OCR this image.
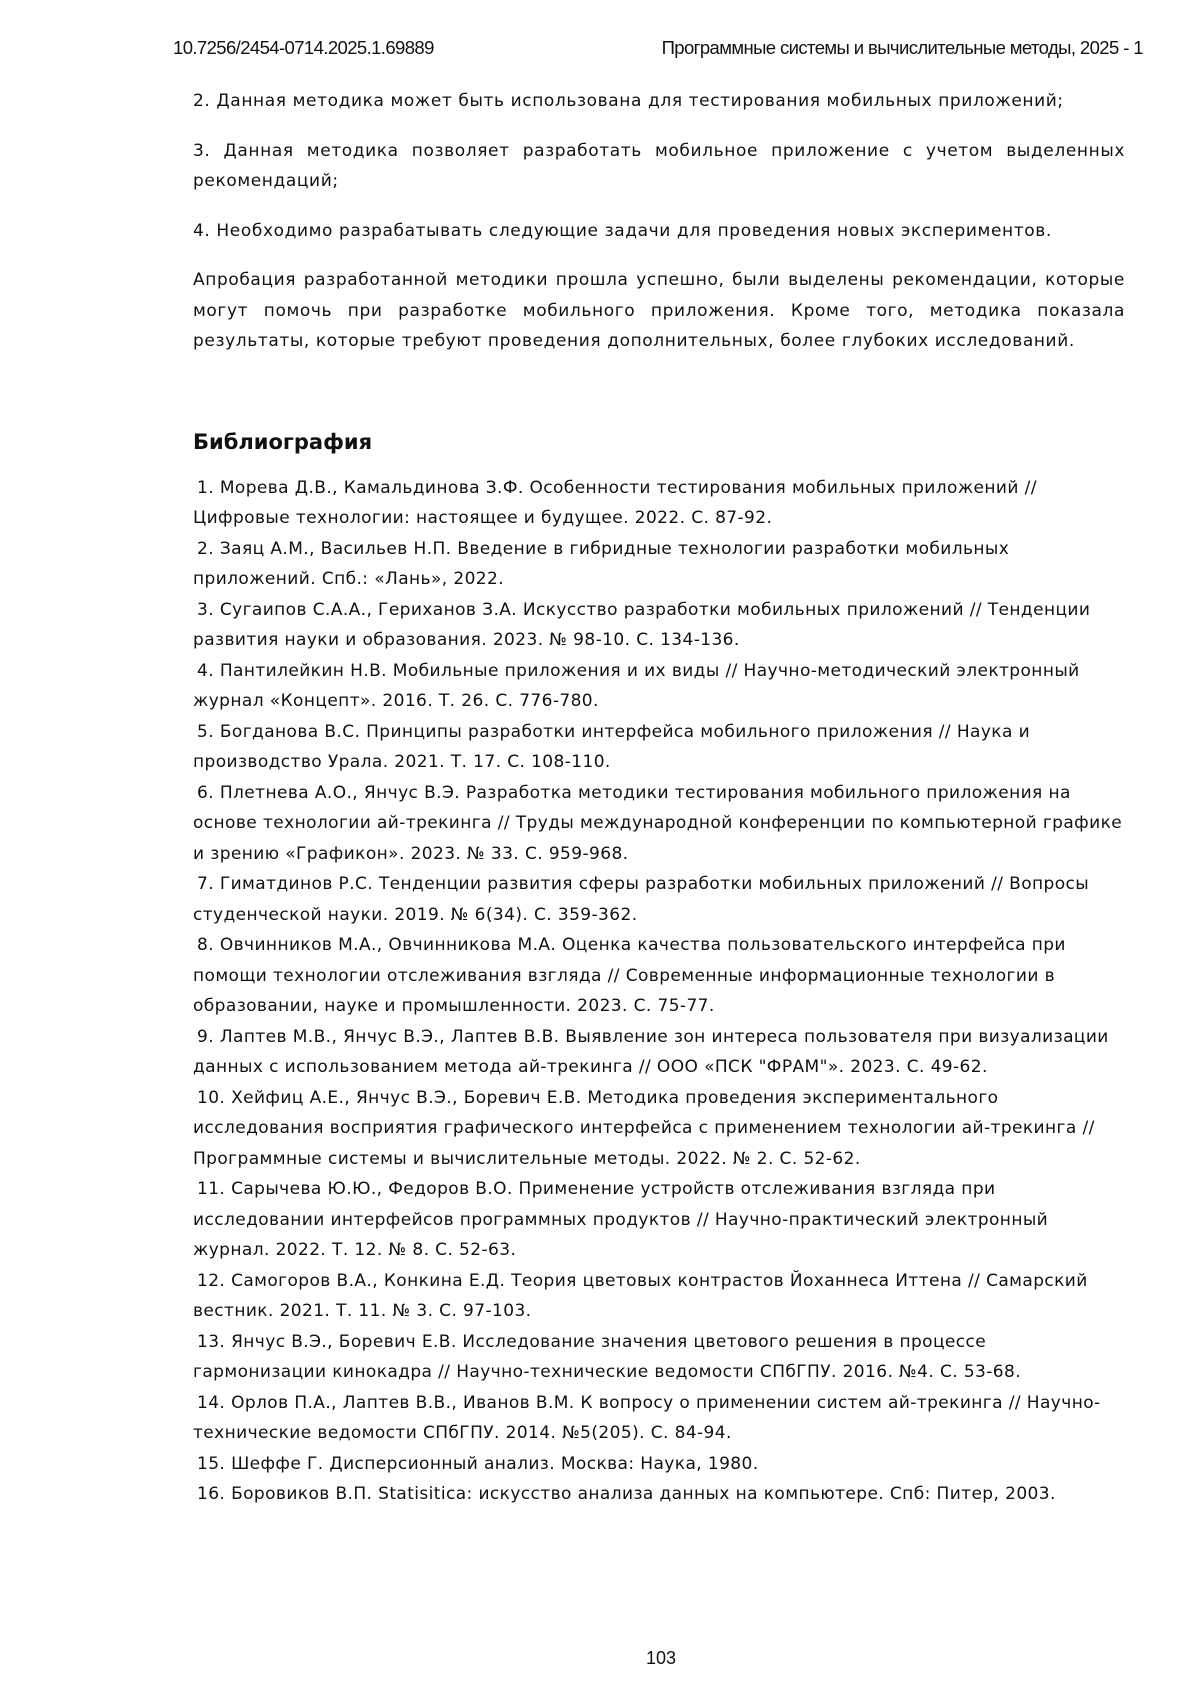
10.7256/2454-0714.2025.1.69889	Программные системы и вычислительные методы, 2025 - 1

2. Данная методика может быть использована для тестирования мобильных приложений;

3. Данная методика позволяет разработать мобильное приложение с учетом выделенных рекомендаций;

4. Необходимо разрабатывать следующие задачи для проведения новых экспериментов.

Апробация разработанной методики прошла успешно, были выделены рекомендации, которые могут помочь при разработке мобильного приложения. Кроме того, методика показала результаты, которые требуют проведения дополнительных, более глубоких исследований.

Библиография
1. Морева Д.В., Камальдинова З.Ф. Особенности тестирования мобильных приложений // Цифровые технологии: настоящее и будущее. 2022. С. 87-92.
2. Заяц А.М., Васильев Н.П. Введение в гибридные технологии разработки мобильных приложений. Спб.: «Лань», 2022.
3. Сугаипов С.А.А., Гериханов З.А. Искусство разработки мобильных приложений // Тенденции развития науки и образования. 2023. № 98-10. С. 134-136.
4. Пантилейкин Н.В. Мобильные приложения и их виды // Научно-методический электронный журнал «Концепт». 2016. Т. 26. С. 776-780.
5. Богданова В.С. Принципы разработки интерфейса мобильного приложения // Наука и производство Урала. 2021. Т. 17. С. 108-110.
6. Плетнева А.О., Янчус В.Э. Разработка методики тестирования мобильного приложения на основе технологии ай-трекинга // Труды международной конференции по компьютерной графике и зрению «Графикон». 2023. № 33. С. 959-968.
7. Гиматдинов Р.С. Тенденции развития сферы разработки мобильных приложений // Вопросы студенческой науки. 2019. № 6(34). С. 359-362.
8. Овчинников М.А., Овчинникова М.А. Оценка качества пользовательского интерфейса при помощи технологии отслеживания взгляда // Современные информационные технологии в образовании, науке и промышленности. 2023. С. 75-77.
9. Лаптев М.В., Янчус В.Э., Лаптев В.В. Выявление зон интереса пользователя при визуализации данных с использованием метода ай-трекинга // ООО «ПСК "ФРАМ"». 2023. С. 49-62.
10. Хейфиц А.Е., Янчус В.Э., Боревич Е.В. Методика проведения экспериментального исследования восприятия графического интерфейса с применением технологии ай-трекинга // Программные системы и вычислительные методы. 2022. № 2. С. 52-62.
11. Сарычева Ю.Ю., Федоров В.О. Применение устройств отслеживания взгляда при исследовании интерфейсов программных продуктов // Научно-практический электронный журнал. 2022. Т. 12. № 8. С. 52-63.
12. Самогоров В.А., Конкина Е.Д. Теория цветовых контрастов Йоханнеса Иттена // Самарский вестник. 2021. Т. 11. № 3. С. 97-103.
13. Янчус В.Э., Боревич Е.В. Исследование значения цветового решения в процессе гармонизации кинокадра // Научно-технические ведомости СПбГПУ. 2016. №4. С. 53-68.
14. Орлов П.А., Лаптев В.В., Иванов В.М. К вопросу о применении систем ай-трекинга // Научно-технические ведомости СПбГПУ. 2014. №5(205). С. 84-94.
15. Шеффе Г. Дисперсионный анализ. Москва: Наука, 1980.
16. Боровиков В.П. Statisitica: искусство анализа данных на компьютере. Спб: Питер, 2003.
103
